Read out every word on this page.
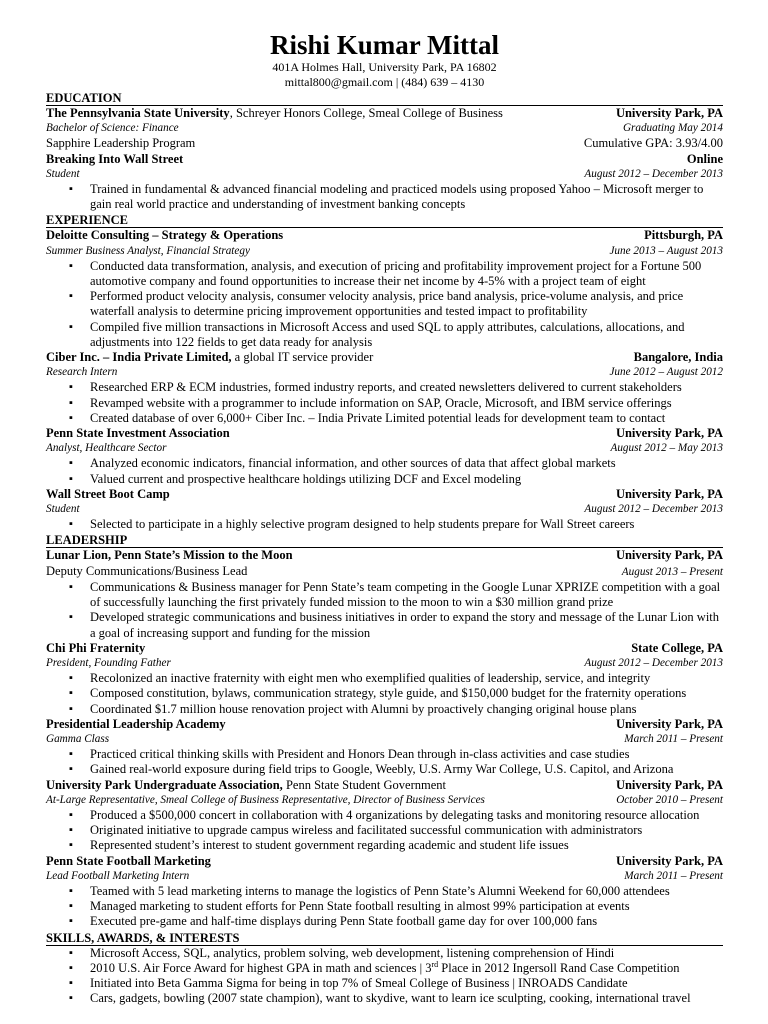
Rishi Kumar Mittal
401A Holmes Hall, University Park, PA 16802
mittal800@gmail.com | (484) 639 – 4130
EDUCATION
The Pennsylvania State University, Schreyer Honors College, Smeal College of Business	University Park, PA
Bachelor of Science: Finance	Graduating May 2014
Sapphire Leadership Program	Cumulative GPA: 3.93/4.00
Breaking Into Wall Street	Online
Student	August 2012 – December 2013
▪ Trained in fundamental & advanced financial modeling and practiced models using proposed Yahoo – Microsoft merger to gain real world practice and understanding of investment banking concepts
EXPERIENCE
Deloitte Consulting – Strategy & Operations	Pittsburgh, PA
Summer Business Analyst, Financial Strategy	June 2013 – August 2013
▪ Conducted data transformation, analysis, and execution of pricing and profitability improvement project for a Fortune 500 automotive company and found opportunities to increase their net income by 4-5% with a project team of eight
▪ Performed product velocity analysis, consumer velocity analysis, price band analysis, price-volume analysis, and price waterfall analysis to determine pricing improvement opportunities and tested impact to profitability
▪ Compiled five million transactions in Microsoft Access and used SQL to apply attributes, calculations, allocations, and adjustments into 122 fields to get data ready for analysis
Ciber Inc. – India Private Limited, a global IT service provider	Bangalore, India
Research Intern	June 2012 – August 2012
▪ Researched ERP & ECM industries, formed industry reports, and created newsletters delivered to current stakeholders
▪ Revamped website with a programmer to include information on SAP, Oracle, Microsoft, and IBM service offerings
▪ Created database of over 6,000+ Ciber Inc. – India Private Limited potential leads for development team to contact
Penn State Investment Association	University Park, PA
Analyst, Healthcare Sector	August 2012 – May 2013
▪ Analyzed economic indicators, financial information, and other sources of data that affect global markets
▪ Valued current and prospective healthcare holdings utilizing DCF and Excel modeling
Wall Street Boot Camp	University Park, PA
Student	August 2012 – December 2013
▪ Selected to participate in a highly selective program designed to help students prepare for Wall Street careers
LEADERSHIP
Lunar Lion, Penn State’s Mission to the Moon	University Park, PA
Deputy Communications/Business Lead	August 2013 – Present
▪ Communications & Business manager for Penn State’s team competing in the Google Lunar XPRIZE competition with a goal of successfully launching the first privately funded mission to the moon to win a $30 million grand prize
▪ Developed strategic communications and business initiatives in order to expand the story and message of the Lunar Lion with a goal of increasing support and funding for the mission
Chi Phi Fraternity	State College, PA
President, Founding Father	August 2012 – December 2013
▪ Recolonized an inactive fraternity with eight men who exemplified qualities of leadership, service, and integrity
▪ Composed constitution, bylaws, communication strategy, style guide, and $150,000 budget for the fraternity operations
▪ Coordinated $1.7 million house renovation project with Alumni by proactively changing original house plans
Presidential Leadership Academy	University Park, PA
Gamma Class	March 2011 – Present
▪ Practiced critical thinking skills with President and Honors Dean through in-class activities and case studies
▪ Gained real-world exposure during field trips to Google, Weebly, U.S. Army War College, U.S. Capitol, and Arizona
University Park Undergraduate Association, Penn State Student Government	University Park, PA
At-Large Representative, Smeal College of Business Representative, Director of Business Services	October 2010 – Present
▪ Produced a $500,000 concert in collaboration with 4 organizations by delegating tasks and monitoring resource allocation
▪ Originated initiative to upgrade campus wireless and facilitated successful communication with administrators
▪ Represented student’s interest to student government regarding academic and student life issues
Penn State Football Marketing	University Park, PA
Lead Football Marketing Intern	March 2011 – Present
▪ Teamed with 5 lead marketing interns to manage the logistics of Penn State’s Alumni Weekend for 60,000 attendees
▪ Managed marketing to student efforts for Penn State football resulting in almost 99% participation at events
▪ Executed pre-game and half-time displays during Penn State football game day for over 100,000 fans
SKILLS, AWARDS, & INTERESTS
▪ Microsoft Access, SQL, analytics, problem solving, web development, listening comprehension of Hindi
▪ 2010 U.S. Air Force Award for highest GPA in math and sciences | 3rd Place in 2012 Ingersoll Rand Case Competition
▪ Initiated into Beta Gamma Sigma for being in top 7% of Smeal College of Business | INROADS Candidate
▪ Cars, gadgets, bowling (2007 state champion), want to skydive, want to learn ice sculpting, cooking, international travel
